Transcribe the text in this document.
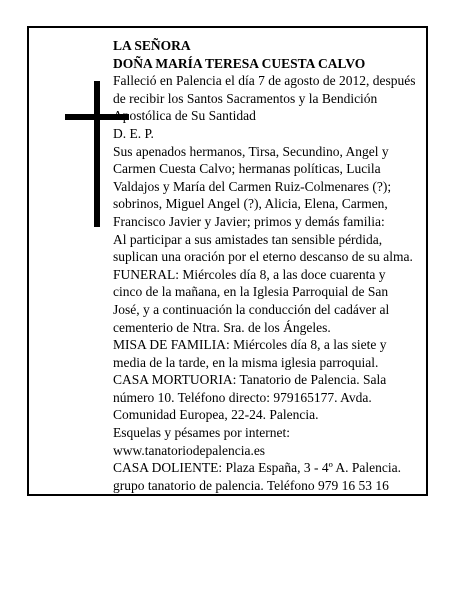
LA SEÑORA

DOÑA MARÍA TERESA CUESTA CALVO

Falleció en Palencia el día 7 de agosto de 2012, después de recibir los Santos Sacramentos y la Bendición Apostólica de Su Santidad

D. E. P.

Sus apenados hermanos, Tirsa, Secundino, Angel y Carmen Cuesta Calvo; hermanas políticas, Lucila Valdajos y María del Carmen Ruiz-Colmenares (?); sobrinos, Miguel Angel (?), Alicia, Elena, Carmen, Francisco Javier y Javier; primos y demás familia:

Al participar a sus amistades tan sensible pérdida, suplican una oración por el eterno descanso de su alma.

FUNERAL: Miércoles día 8, a las doce cuarenta y cinco de la mañana, en la Iglesia Parroquial de San José, y a continuación la conducción del cadáver al cementerio de Ntra. Sra. de los Ángeles.

MISA DE FAMILIA: Miércoles día 8, a las siete y media de la tarde, en la misma iglesia parroquial.

CASA MORTUORIA: Tanatorio de Palencia. Sala número 10. Teléfono directo: 979165177. Avda. Comunidad Europea, 22-24. Palencia.

Esquelas y pésames por internet: www.tanatoriodepalencia.es

CASA DOLIENTE: Plaza España, 3 - 4º A. Palencia. grupo tanatorio de palencia. Teléfono 979 16 53 16
